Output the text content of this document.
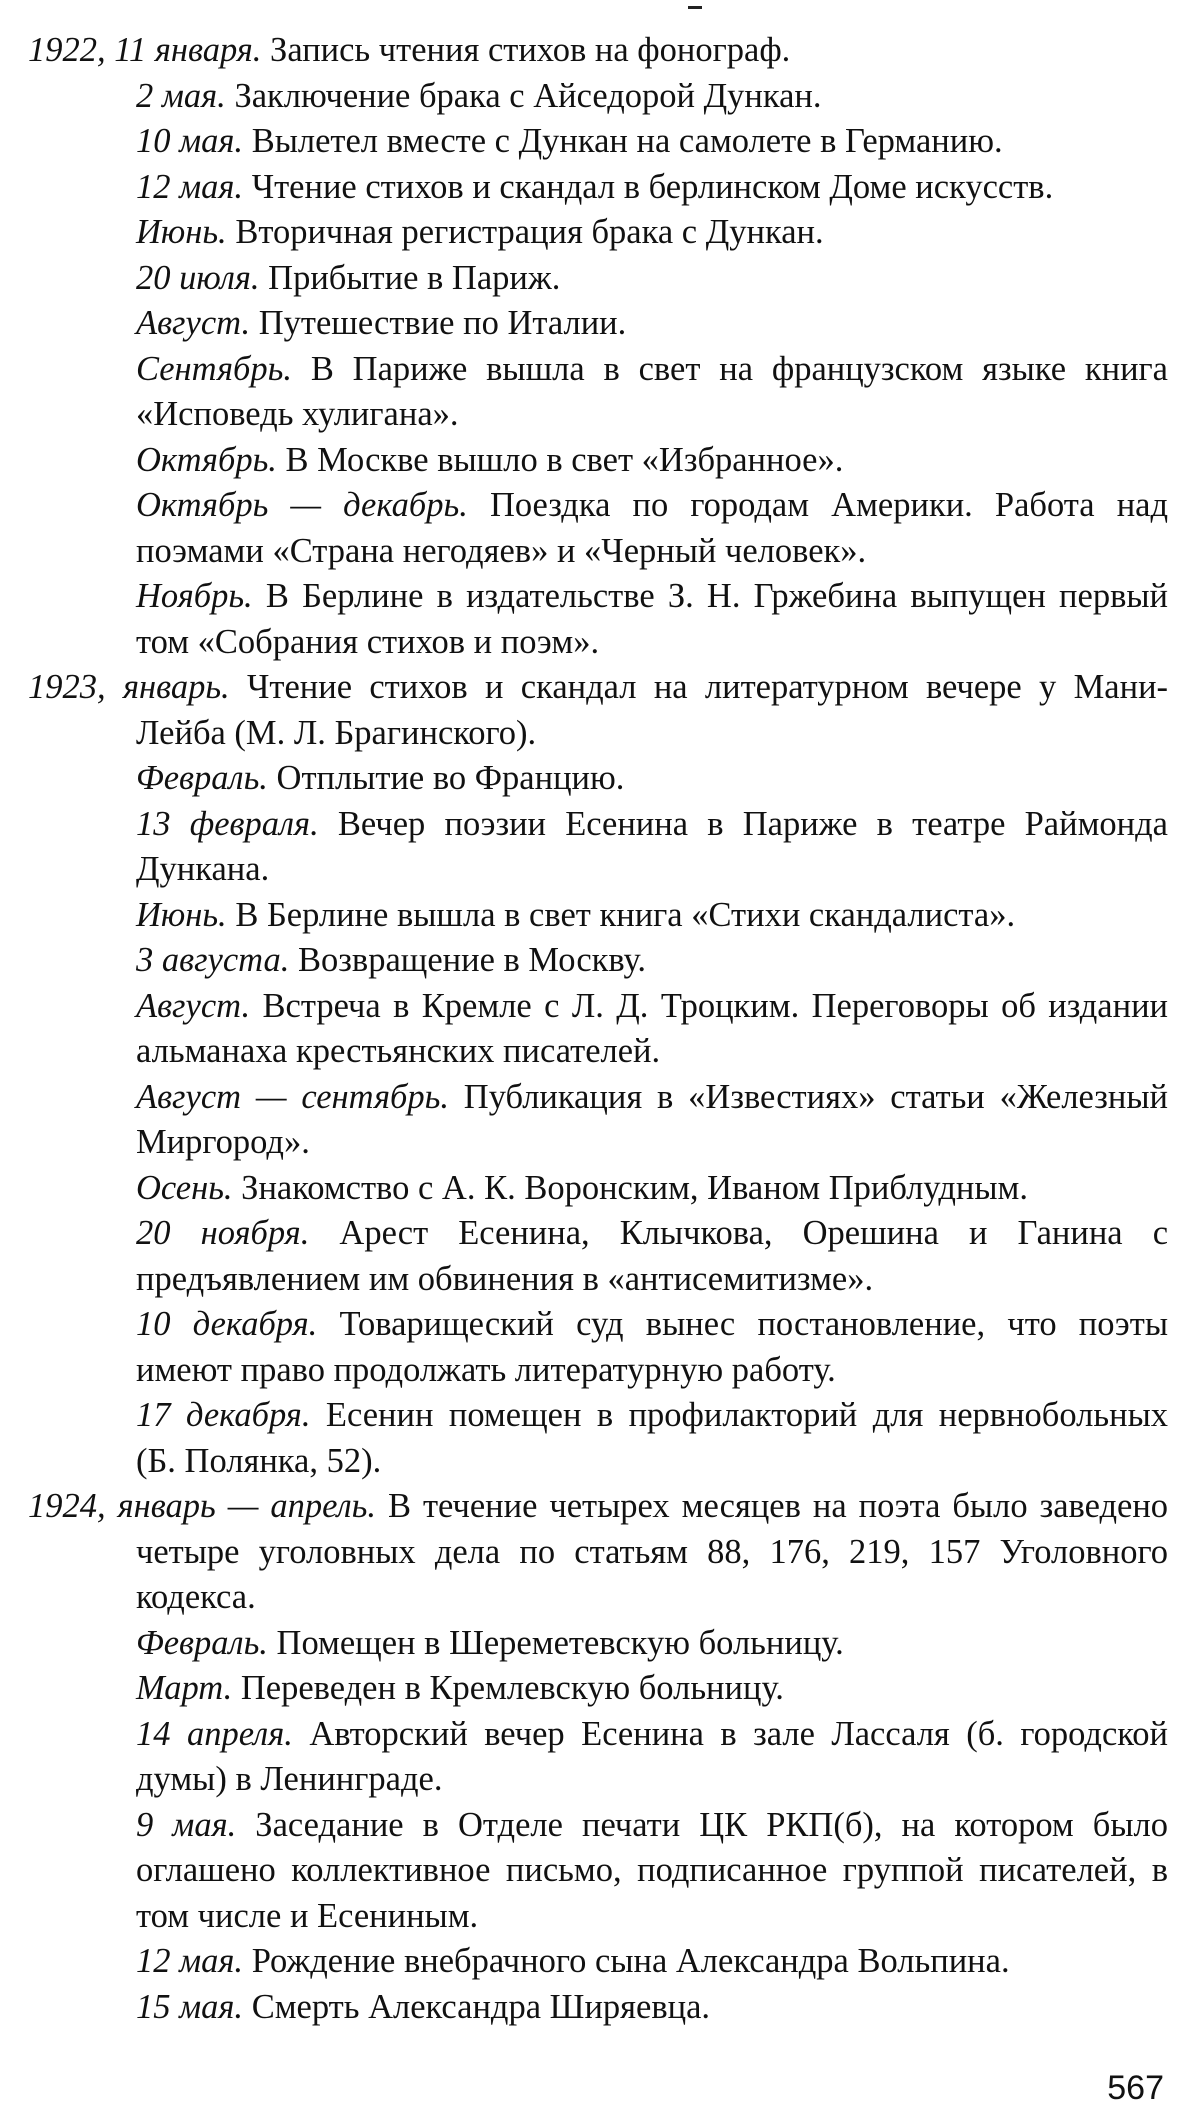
1922, 11 января. Запись чтения стихов на фонограф.
2 мая. Заключение брака с Айседорой Дункан.
10 мая. Вылетел вместе с Дункан на самолете в Германию.
12 мая. Чтение стихов и скандал в берлинском Доме искусств.
Июнь. Вторичная регистрация брака с Дункан.
20 июля. Прибытие в Париж.
Август. Путешествие по Италии.
Сентябрь. В Париже вышла в свет на французском языке книга «Исповедь хулигана».
Октябрь. В Москве вышло в свет «Избранное».
Октябрь — декабрь. Поездка по городам Америки. Работа над поэмами «Страна негодяев» и «Черный человек».
Ноябрь. В Берлине в издательстве З. Н. Гржебина выпущен первый том «Собрания стихов и поэм».
1923, январь. Чтение стихов и скандал на литературном вечере у Мани-Лейба (М. Л. Брагинского).
Февраль. Отплытие во Францию.
13 февраля. Вечер поэзии Есенина в Париже в театре Раймонда Дункана.
Июнь. В Берлине вышла в свет книга «Стихи скандалиста».
3 августа. Возвращение в Москву.
Август. Встреча в Кремле с Л. Д. Троцким. Переговоры об издании альманаха крестьянских писателей.
Август — сентябрь. Публикация в «Известиях» статьи «Железный Миргород».
Осень. Знакомство с А. К. Воронским, Иваном Приблудным.
20 ноября. Арест Есенина, Клычкова, Орешина и Ганина с предъявлением им обвинения в «антисемитизме».
10 декабря. Товарищеский суд вынес постановление, что поэты имеют право продолжать литературную работу.
17 декабря. Есенин помещен в профилакторий для нервнобольных (Б. Полянка, 52).
1924, январь — апрель. В течение четырех месяцев на поэта было заведено четыре уголовных дела по статьям 88, 176, 219, 157 Уголовного кодекса.
Февраль. Помещен в Шереметевскую больницу.
Март. Переведен в Кремлевскую больницу.
14 апреля. Авторский вечер Есенина в зале Лассаля (б. городской думы) в Ленинграде.
9 мая. Заседание в Отделе печати ЦК РКП(б), на котором было оглашено коллективное письмо, подписанное группой писателей, в том числе и Есениным.
12 мая. Рождение внебрачного сына Александра Вольпина.
15 мая. Смерть Александра Ширяевца.
567
